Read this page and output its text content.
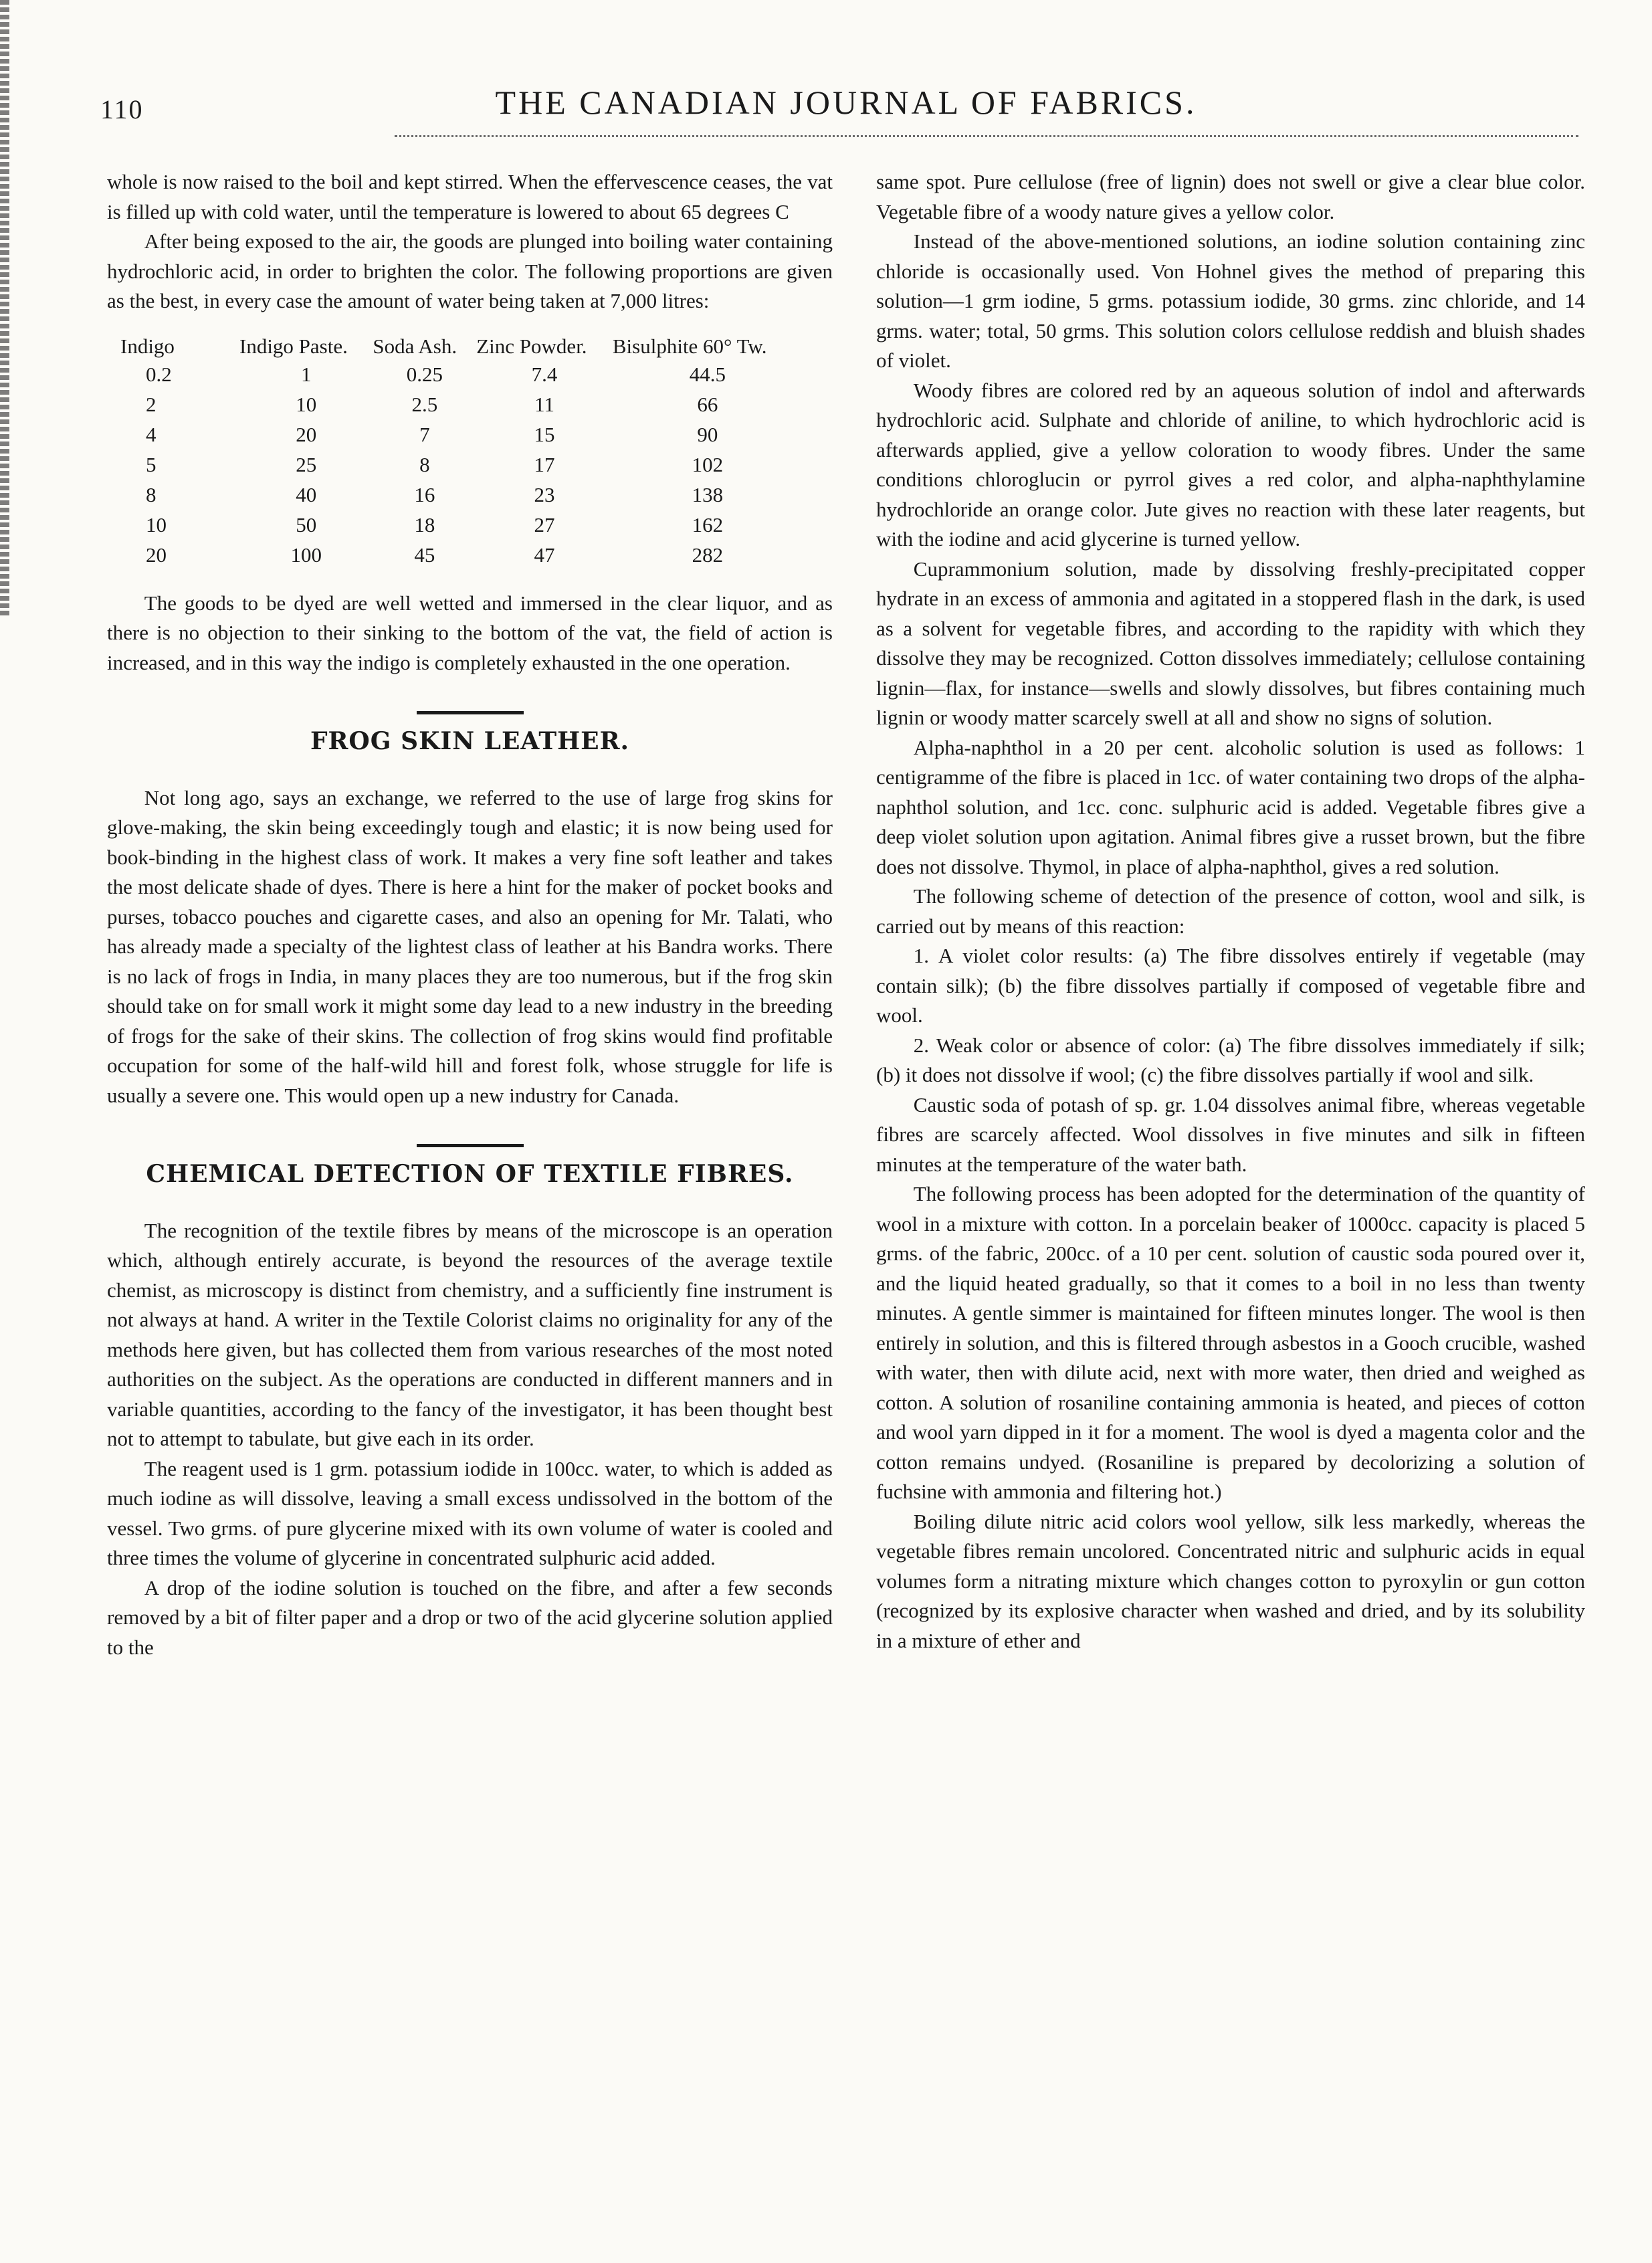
110	THE CANADIAN JOURNAL OF FABRICS.

whole is now raised to the boil and kept stirred. When the effervescence ceases, the vat is filled up with cold water, until the temperature is lowered to about 65 degrees C

After being exposed to the air, the goods are plunged into boiling water containing hydrochloric acid, in order to brighten the color. The following proportions are given as the best, in every case the amount of water being taken at 7,000 litres:

Indigo	Indigo Paste.	Soda Ash.	Zinc Powder.	Bisulphite 60° Tw.
0.2	1	0.25	7.4	44.5
2	10	2.5	11	66
4	20	7	15	90
5	25	8	17	102
8	40	16	23	138
10	50	18	27	162
20	100	45	47	282

The goods to be dyed are well wetted and immersed in the clear liquor, and as there is no objection to their sinking to the bottom of the vat, the field of action is increased, and in this way the indigo is completely exhausted in the one operation.

FROG SKIN LEATHER.

Not long ago, says an exchange, we referred to the use of large frog skins for glove-making, the skin being exceedingly tough and elastic; it is now being used for book-binding in the highest class of work. It makes a very fine soft leather and takes the most delicate shade of dyes. There is here a hint for the maker of pocket books and purses, tobacco pouches and cigarette cases, and also an opening for Mr. Talati, who has already made a specialty of the lightest class of leather at his Bandra works. There is no lack of frogs in India, in many places they are too numerous, but if the frog skin should take on for small work it might some day lead to a new industry in the breeding of frogs for the sake of their skins. The collection of frog skins would find profitable occupation for some of the half-wild hill and forest folk, whose struggle for life is usually a severe one. This would open up a new industry for Canada.

CHEMICAL DETECTION OF TEXTILE FIBRES.

The recognition of the textile fibres by means of the microscope is an operation which, although entirely accurate, is beyond the resources of the average textile chemist, as microscopy is distinct from chemistry, and a sufficiently fine instrument is not always at hand. A writer in the Textile Colorist claims no originality for any of the methods here given, but has collected them from various researches of the most noted authorities on the subject. As the operations are conducted in different manners and in variable quantities, according to the fancy of the investigator, it has been thought best not to attempt to tabulate, but give each in its order.

The reagent used is 1 grm. potassium iodide in 100cc. water, to which is added as much iodine as will dissolve, leaving a small excess undissolved in the bottom of the vessel. Two grms. of pure glycerine mixed with its own volume of water is cooled and three times the volume of glycerine in concentrated sulphuric acid added.

A drop of the iodine solution is touched on the fibre, and after a few seconds removed by a bit of filter paper and a drop or two of the acid glycerine solution applied to the

same spot. Pure cellulose (free of lignin) does not swell or give a clear blue color. Vegetable fibre of a woody nature gives a yellow color.

Instead of the above-mentioned solutions, an iodine solution containing zinc chloride is occasionally used. Von Hohnel gives the method of preparing this solution—1 grm iodine, 5 grms. potassium iodide, 30 grms. zinc chloride, and 14 grms. water; total, 50 grms. This solution colors cellulose reddish and bluish shades of violet.

Woody fibres are colored red by an aqueous solution of indol and afterwards hydrochloric acid. Sulphate and chloride of aniline, to which hydrochloric acid is afterwards applied, give a yellow coloration to woody fibres. Under the same conditions chloroglucin or pyrrol gives a red color, and alpha-naphthylamine hydrochloride an orange color. Jute gives no reaction with these later reagents, but with the iodine and acid glycerine is turned yellow.

Cuprammonium solution, made by dissolving freshly-precipitated copper hydrate in an excess of ammonia and agitated in a stoppered flash in the dark, is used as a solvent for vegetable fibres, and according to the rapidity with which they dissolve they may be recognized. Cotton dissolves immediately; cellulose containing lignin—flax, for instance—swells and slowly dissolves, but fibres containing much lignin or woody matter scarcely swell at all and show no signs of solution.

Alpha-naphthol in a 20 per cent. alcoholic solution is used as follows: 1 centigramme of the fibre is placed in 1cc. of water containing two drops of the alpha-naphthol solution, and 1cc. conc. sulphuric acid is added. Vegetable fibres give a deep violet solution upon agitation. Animal fibres give a russet brown, but the fibre does not dissolve. Thymol, in place of alpha-naphthol, gives a red solution.

The following scheme of detection of the presence of cotton, wool and silk, is carried out by means of this reaction:

1. A violet color results: (a) The fibre dissolves entirely if vegetable (may contain silk); (b) the fibre dissolves partially if composed of vegetable fibre and wool.

2. Weak color or absence of color: (a) The fibre dissolves immediately if silk; (b) it does not dissolve if wool; (c) the fibre dissolves partially if wool and silk.

Caustic soda of potash of sp. gr. 1.04 dissolves animal fibre, whereas vegetable fibres are scarcely affected. Wool dissolves in five minutes and silk in fifteen minutes at the temperature of the water bath.

The following process has been adopted for the determination of the quantity of wool in a mixture with cotton. In a porcelain beaker of 1000cc. capacity is placed 5 grms. of the fabric, 200cc. of a 10 per cent. solution of caustic soda poured over it, and the liquid heated gradually, so that it comes to a boil in no less than twenty minutes. A gentle simmer is maintained for fifteen minutes longer. The wool is then entirely in solution, and this is filtered through asbestos in a Gooch crucible, washed with water, then with dilute acid, next with more water, then dried and weighed as cotton. A solution of rosaniline containing ammonia is heated, and pieces of cotton and wool yarn dipped in it for a moment. The wool is dyed a magenta color and the cotton remains undyed. (Rosaniline is prepared by decolorizing a solution of fuchsine with ammonia and filtering hot.)

Boiling dilute nitric acid colors wool yellow, silk less markedly, whereas the vegetable fibres remain uncolored. Concentrated nitric and sulphuric acids in equal volumes form a nitrating mixture which changes cotton to pyroxylin or gun cotton (recognized by its explosive character when washed and dried, and by its solubility in a mixture of ether and
